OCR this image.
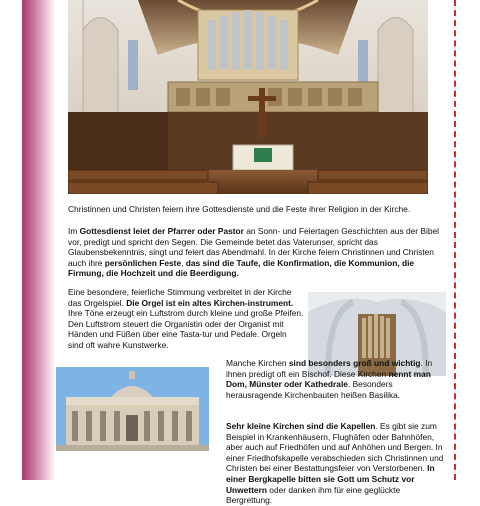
Christinnen und Christen feiern ihre Gottesdienste und die Feste ihrer Religion in der Kirche.

Im Gottesdienst leiet der Pfarrer oder Pastor an Sonn- und Feiertagen Geschichten aus der Bibel vor, predigt und spricht den Segen. Die Gemeinde betet das Vaterunser, spricht das Glaubensbekenntnis, singt und feiert das Abendmahl. In der Kirche feiern Christinnen und Christen auch ihre persönlichen Feste, das sind die Taufe, die Konfirmation, die Kommunion, die Firmung, die Hochzeit und die Beerdigung.

Eine besondere, feierliche Stimmung verbreitet in der Kirche das Orgelspiel. Die Orgel ist ein altes Kirchen-instrument. Ihre Töne erzeugt ein Luftstrom durch kleine und große Pfeifen. Den Luftstrom steuert die Organistin oder der Organist mit Händen und Füßen über eine Tasta-tur und Pedale. Orgeln sind oft wahre Kunstwerke.

Manche Kirchen sind besonders groß und wichtig. In ihnen predigt oft ein Bischof. Diese Kirchen nennt man Dom, Münster oder Kathedrale. Besonders herausragende Kirchenbauten heißen Basilika.

Sehr kleine Kirchen sind die Kapellen. Es gibt sie zum Beispiel in Krankenhäusern, Flughäfen oder Bahnhöfen, aber auch auf Friedhöfen und auf Anhöhen und Bergen. In einer Friedhofskapelle verabschieden sich Christinnen und Christen bei einer Bestattungsfeier von Verstorbenen. In einer Bergkapelle bitten sie Gott um Schutz vor Unwettern oder danken ihm für eine geglückte Bergrettung.
